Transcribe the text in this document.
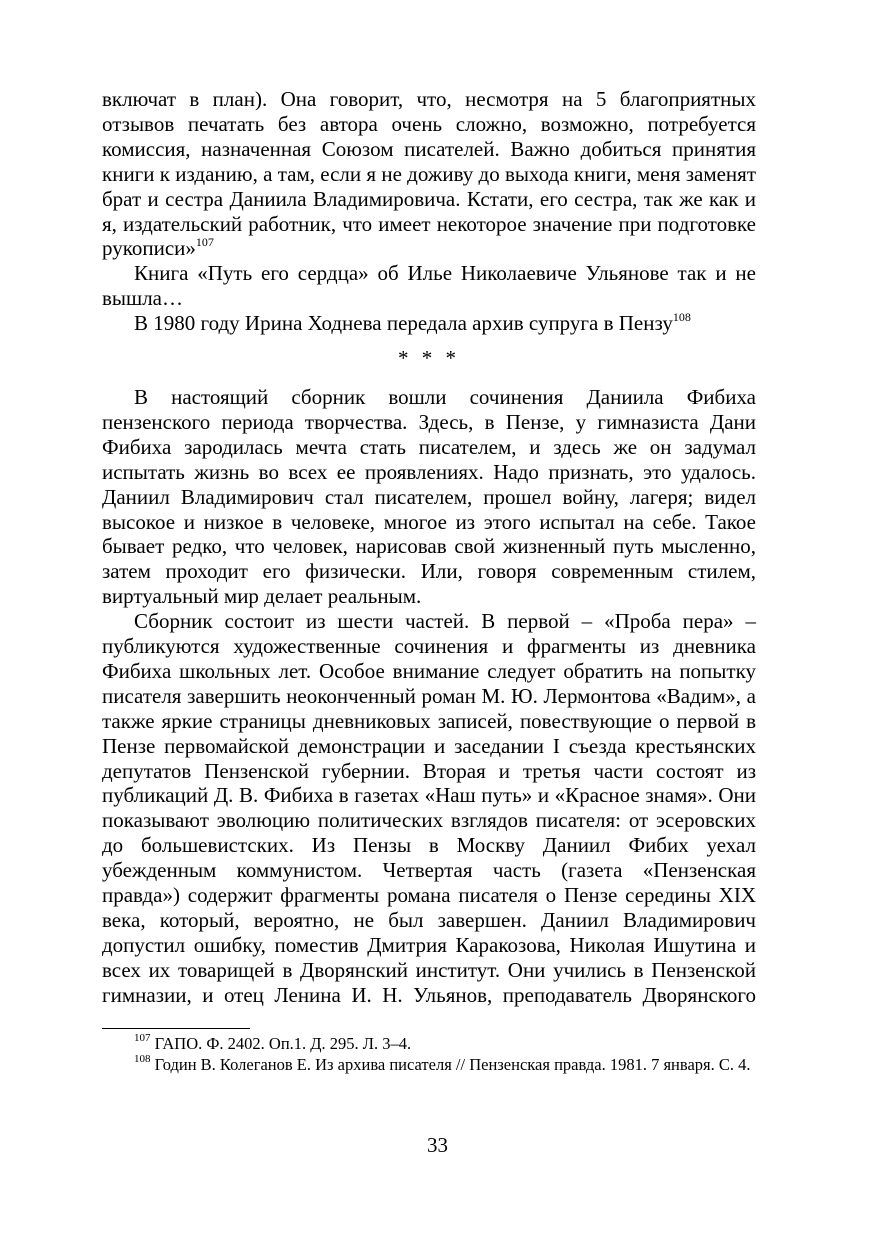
включат в план). Она говорит, что, несмотря на 5 благоприятных отзывов печатать без автора очень сложно, возможно, потребуется комиссия, назначенная Союзом писателей. Важно добиться принятия книги к изданию, а там, если я не доживу до выхода книги, меня заменят брат и сестра Даниила Владимировича. Кстати, его сестра, так же как и я, издательский работник, что имеет некоторое значение при подготовке рукописи»$^{107}$

Книга «Путь его сердца» об Илье Николаевиче Ульянове так и не вышла…

В 1980 году Ирина Ходнева передала архив супруга в Пензу$^{108}$

* * *

В настоящий сборник вошли сочинения Даниила Фибиха пензенского периода творчества. Здесь, в Пензе, у гимназиста Дани Фибиха зародилась мечта стать писателем, и здесь же он задумал испытать жизнь во всех ее проявлениях. Надо признать, это удалось. Даниил Владимирович стал писателем, прошел войну, лагеря; видел высокое и низкое в человеке, многое из этого испытал на себе. Такое бывает редко, что человек, нарисовав свой жизненный путь мысленно, затем проходит его физически. Или, говоря современным стилем, виртуальный мир делает реальным.

Сборник состоит из шести частей. В первой – «Проба пера» – публикуются художественные сочинения и фрагменты из дневника Фибиха школьных лет. Особое внимание следует обратить на попытку писателя завершить неоконченный роман М. Ю. Лермонтова «Вадим», а также яркие страницы дневниковых записей, повествующие о первой в Пензе первомайской демонстрации и заседании I съезда крестьянских депутатов Пензенской губернии. Вторая и третья части состоят из публикаций Д. В. Фибиха в газетах «Наш путь» и «Красное знамя». Они показывают эволюцию политических взглядов писателя: от эсеровских до большевистских. Из Пензы в Москву Даниил Фибих уехал убежденным коммунистом. Четвертая часть (газета «Пензенская правда») содержит фрагменты романа писателя о Пензе середины XIX века, который, вероятно, не был завершен. Даниил Владимирович допустил ошибку, поместив Дмитрия Каракозова, Николая Ишутина и всех их товарищей в Дворянский институт. Они учились в Пензенской гимназии, и отец Ленина И. Н. Ульянов, преподаватель Дворянского

$^{107}$ ГАПО. Ф. 2402. Оп.1. Д. 295. Л. 3–4.

$^{108}$ Годин В. Колеганов Е. Из архива писателя // Пензенская правда. 1981. 7 января. С. 4.

33
